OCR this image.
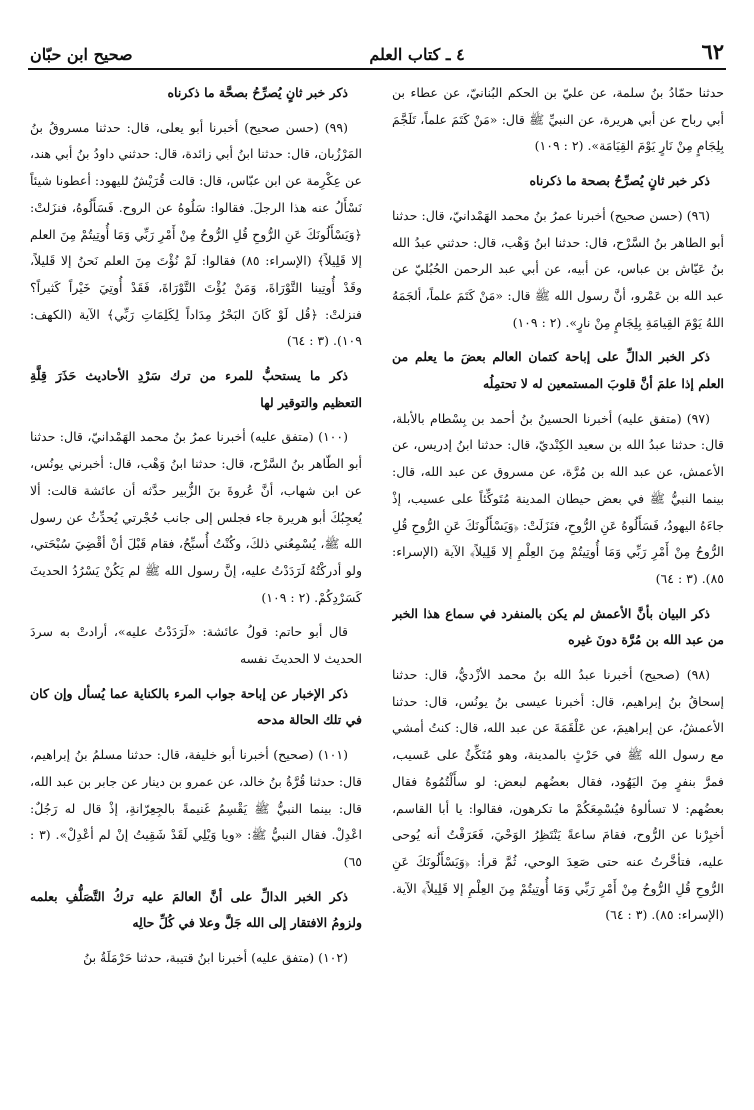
٦٢
٤ ـ كتاب العلم
صحيح ابن حبّان

حدثنا حمّادُ بنُ سلمة، عن عليّ بن الحكم البُنانيّ، عن عطاء بن أبي رباح عن أبي هريرة، عن النبيِّ ﷺ قال: «مَنْ كَتَمَ علماً، تَلَجَّمَ بِلِجَامٍ مِنْ نَارٍ يَوْمَ القِيَامَة». (٢ : ١٠٩)

ذكر خبر ثانٍ يُصرِّحُ بصحة ما ذكرناه

(٩٦) (حسن صحيح) أخبرنا عمرُ بنُ محمد الهَمْدانيّ، قال: حدثنا أبو الطاهر بنُ السَّرْح، قال: حدثنا ابنُ وَهْب، قال: حدثني عبدُ الله بنُ عَيّاش بن عباس، عن أبيه، عن أبي عبد الرحمن الحُبُليّ عن عبد الله بن عَمْرو، أنَّ رسول الله ﷺ قال: «مَنْ كَتَمَ علماً، ألجَمَهُ اللهُ يَوْمَ القِيامَةِ بِلِجَامٍ مِنْ نارٍ». (٢ : ١٠٩)

ذكر الخبر الدالِّ على إباحة كتمان العالم بعضَ ما يعلم من العلم إذا علمَ أنَّ قلوبَ المستمعين له لا تحتمِلُه

(٩٧) (متفق عليه) أخبرنا الحسينُ بنُ أحمد بن بِسْطام بالأبلة، قال: حدثنا عبدُ الله بن سعيد الكِنْديّ، قال: حدثنا ابنُ إدريس، عن الأعمش، عن عبد الله بن مُرَّة، عن مسروق عن عبد الله، قال: بينما النبيُّ ﷺ في بعض حيطان المدينة مُتَوكِّئاً على عسيب، إذْ جاءَهُ اليهودُ، فَسَأَلُوهُ عَنِ الرُّوحِ، فنَزَلَتْ: ﴿وَيَسْأَلُونَكَ عَنِ الرُّوحِ قُلِ الرُّوحُ مِنْ أَمْرِ رَبِّي وَمَا أُوتِيتُمْ مِنَ العِلْمِ إلا قَلِيلاً﴾ الآية (الإسراء: ٨٥). (٣ : ٦٤)

ذكر البيان بأنَّ الأعمش لم يكن بالمنفرد في سماع هذا الخبر من عبد الله بن مُرَّة دونَ غيره

(٩٨) (صحيح) أخبرنا عبدُ الله بنُ محمد الأزْديُّ، قال: حدثنا إسحاقُ بنُ إبراهيم، قال: أخبرنا عيسى بنُ يونُس، قال: حدثنا الأعمشُ، عن إبراهيمَ، عن عَلْقَمَةَ عن عبد الله، قال: كنتُ أمشي مع رسول الله ﷺ في حَرْثٍ بالمدينة، وهو مُتَكِّئٌ على عَسيب، فمرَّ بنفرٍ مِنَ اليَهُود، فقال بعضُهم لبعض: لو سأَلْتُمُوهُ فقال بعضُهم: لا تسألوهُ فيُسْمِعَكُمْ ما تكرهون، فقالوا: يا أبا القاسم، أخبِرْنا عن الرُّوح، فقامَ ساعةً يَنْتَظِرُ الوَحْيَ، فَعَرَفْتُ أنه يُوحى عليه، فتأخَّرتُ عنه حتى صَعِدَ الوحي، ثُمَّ قرأ: ﴿وَيَسْأَلُونَكَ عَنِ الرُّوحِ قُلِ الرُّوحُ مِنْ أَمْرِ رَبِّي وَمَا أُوتِيتُمْ مِنَ العِلْمِ إلا قَلِيلاً﴾ الآية. (الإسراء: ٨٥). (٣ : ٦٤)

ذكر خبر ثانٍ يُصرِّحُ بصحَّة ما ذكرناه

(٩٩) (حسن صحيح) أخبرنا أبو يعلى، قال: حدثنا مسروقُ بنُ المَرْزُبان، قال: حدثنا ابنُ أبي زائدة، قال: حدثني داودُ بنُ أبي هند، عن عِكْرِمة عن ابن عبّاس، قال: قالت قُرَيْشٌ لليهود: أعطونا شيئاً نَسْأَلُ عنه هذا الرجلَ. فقالوا: سَلُوهُ عن الروح. فَسَأَلُوهُ، فنزَلتْ: ﴿وَيَسْأَلُونَكَ عَنِ الرُّوحِ قُلِ الرُّوحُ مِنْ أَمْرِ رَبِّي وَمَا أُوتِيتُمْ مِنَ العلم إلا قَلِيلاً﴾ (الإسراء: ٨٥) فقالوا: لَمْ نُؤْتَ مِنَ العلم نَحنُ إلا قَليلاً، وقَدْ أُوتِينا التَّوْرَاةَ، وَمَنْ يُؤْتَ التَّوْرَاةَ، فَقَدْ أُوتِيَ خَيْراً كَثيراً؟ فنزلتْ: ﴿قُل لَوْ كَانَ البَحْرُ مِدَاداً لِكَلِمَاتِ رَبِّي﴾ الآية (الكهف: ١٠٩). (٣ : ٦٤)

ذكر ما يستحبُّ للمرء من ترك سَرْدِ الأحاديث حَذَرَ قِلَّةِ التعظيم والتوقير لها

(١٠٠) (متفق عليه) أخبرنا عمرُ بنُ محمد الهَمْدانيّ، قال: حدثنا أبو الطّاهر بنُ السَّرْح، قال: حدثنا ابنُ وَهْب، قال: أخبرني يونُس، عن ابن شهاب، أنَّ عُروةَ بنَ الزُّبير حدَّثه أن عائشة قالت: ألا يُعجِبُكَ أبو هريرة جاء فجلس إلى جانب حُجْرتي يُحدِّثُ عن رسول الله ﷺ، يُسْمِعُني ذلكَ، وكُنْتُ أُسبِّحُ، فقام قَبْلَ أنْ أقْضِيَ سُبْحَتي، ولو أدركْتُهُ لَرَدَدْتُ عليه، إنَّ رسول الله ﷺ لم يَكُنْ يَسْرُدُ الحديثَ كَسَرْدِكُمْ. (٢ : ١٠٩)

قال أبو حاتم: قولُ عائشة: «لَرَدَدْتُ عليه»، أرادتْ به سردَ الحديث لا الحديثَ نفسه

ذكر الإخبار عن إباحة جواب المرء بالكناية عما يُسأل وإن كان في تلك الحالة مدحه

(١٠١) (صحيح) أخبرنا أبو خليفة، قال: حدثنا مسلمُ بنُ إبراهيم، قال: حدثنا قُرَّةُ بنُ خالد، عن عمرو بن دينار عن جابر بن عبد الله، قال: بينما النبيُّ ﷺ يَقْسِمُ غَنيمةً بالجِعِرّانةِ، إذْ قال له رَجُلٌ: اعْدِلْ. فقال النبيُّ ﷺ: «ويا وَيْلِي لَقَدْ شَقِيتُ إنْ لم أعْدِلْ». (٣ : ٦٥)

ذكر الخبر الدالِّ على أنَّ العالمَ عليه تركُ التَّصَلُّفِ بعلمه ولزومُ الافتقار إلى الله جَلَّ وعلا في كُلِّ حالِه

(١٠٢) (متفق عليه) أخبرنا ابنُ قتيبة، حدثنا حَرْمَلَةُ بنُ
